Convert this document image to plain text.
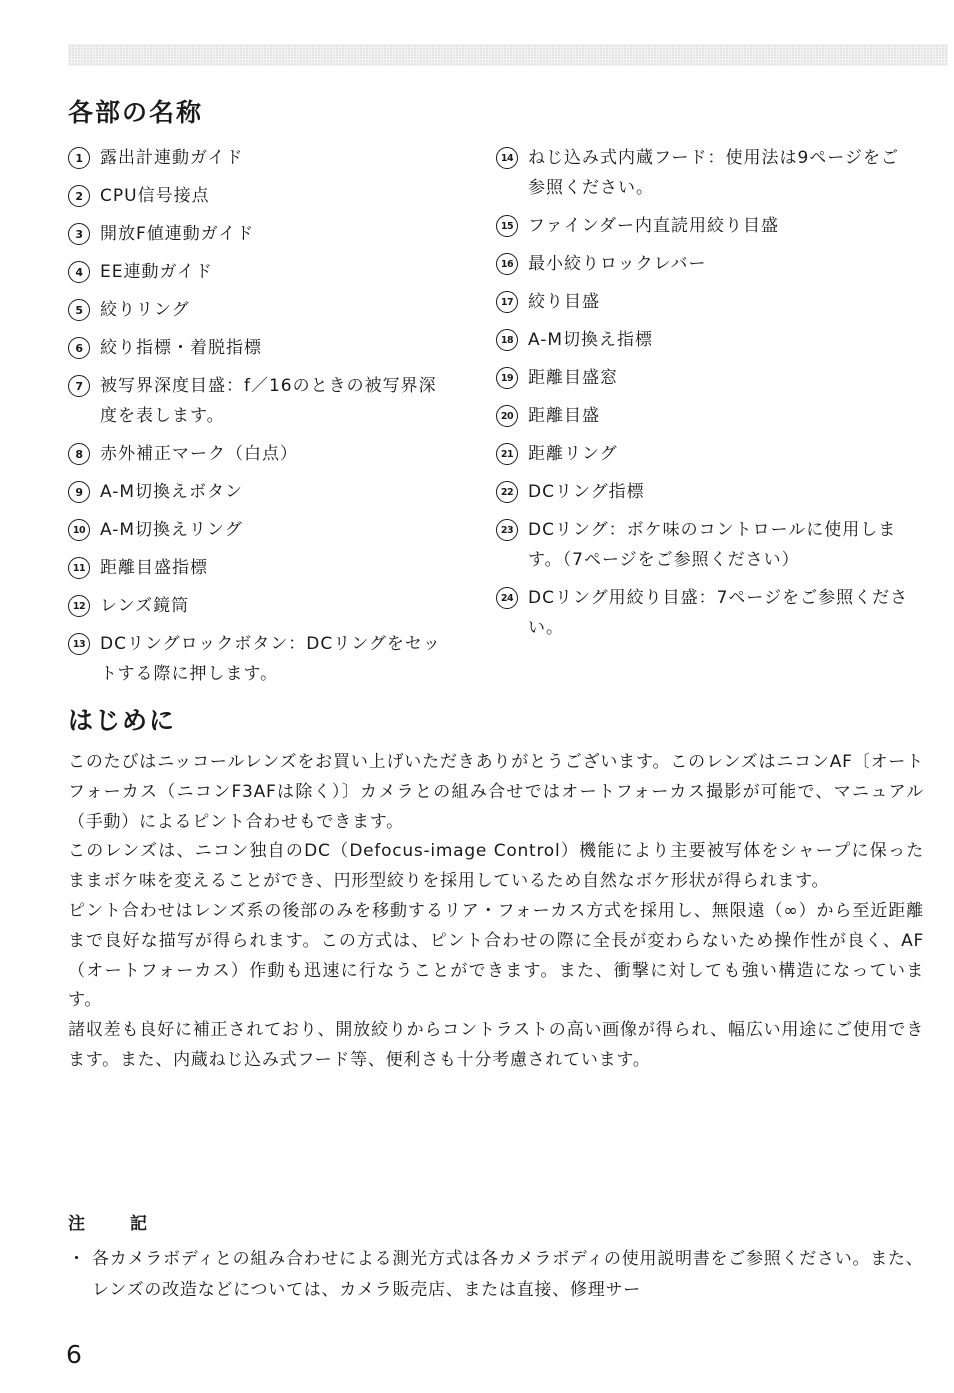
各部の名称
1	露出計連動ガイド
2	CPU信号接点
3	開放F値連動ガイド
4	EE連動ガイド
5	絞りリング
6	絞り指標・着脱指標
7	被写界深度目盛：f／16のときの被写界深度を表します。
8	赤外補正マーク（白点）
9	A-M切換えボタン
10 A-M切換えリング
11 距離目盛指標
12 レンズ鏡筒
13 DCリングロックボタン：DCリングをセットする際に押します。
14 ねじ込み式内蔵フード：使用法は9ページをご参照ください。
15 ファインダー内直読用絞り目盛
16 最小絞りロックレバー
17 絞り目盛
18 A-M切換え指標
19 距離目盛窓
20 距離目盛
21 距離リング
22 DCリング指標
23 DCリング：ボケ味のコントロールに使用します。（7ページをご参照ください）
24 DCリング用絞り目盛：7ページをご参照ください。
はじめに

このたびはニッコールレンズをお買い上げいただきありがとうございます。このレンズはニコンAF〔オートフォーカス（ニコンF3AFは除く）〕カメラとの組み合せではオートフォーカス撮影が可能で、マニュアル（手動）によるピント合わせもできます。

このレンズは、ニコン独自のDC（Defocus-image Control）機能により主要被写体をシャープに保ったままボケ味を変えることができ、円形型絞りを採用しているため自然なボケ形状が得られます。

ピント合わせはレンズ系の後部のみを移動するリア・フォーカス方式を採用し、無限遠（∞）から至近距離まで良好な描写が得られます。この方式は、ピント合わせの際に全長が変わらないため操作性が良く、AF（オートフォーカス）作動も迅速に行なうことができます。また、衝撃に対しても強い構造になっています。

諸収差も良好に補正されており、開放絞りからコントラストの高い画像が得られ、幅広い用途にご使用できます。また、内蔵ねじ込み式フード等、便利さも十分考慮されています。

注　記
・ 各カメラボディとの組み合わせによる測光方式は各カメラボディの使用説明書をご参照ください。また、レンズの改造などについては、カメラ販売店、または直接、修理サー
6
